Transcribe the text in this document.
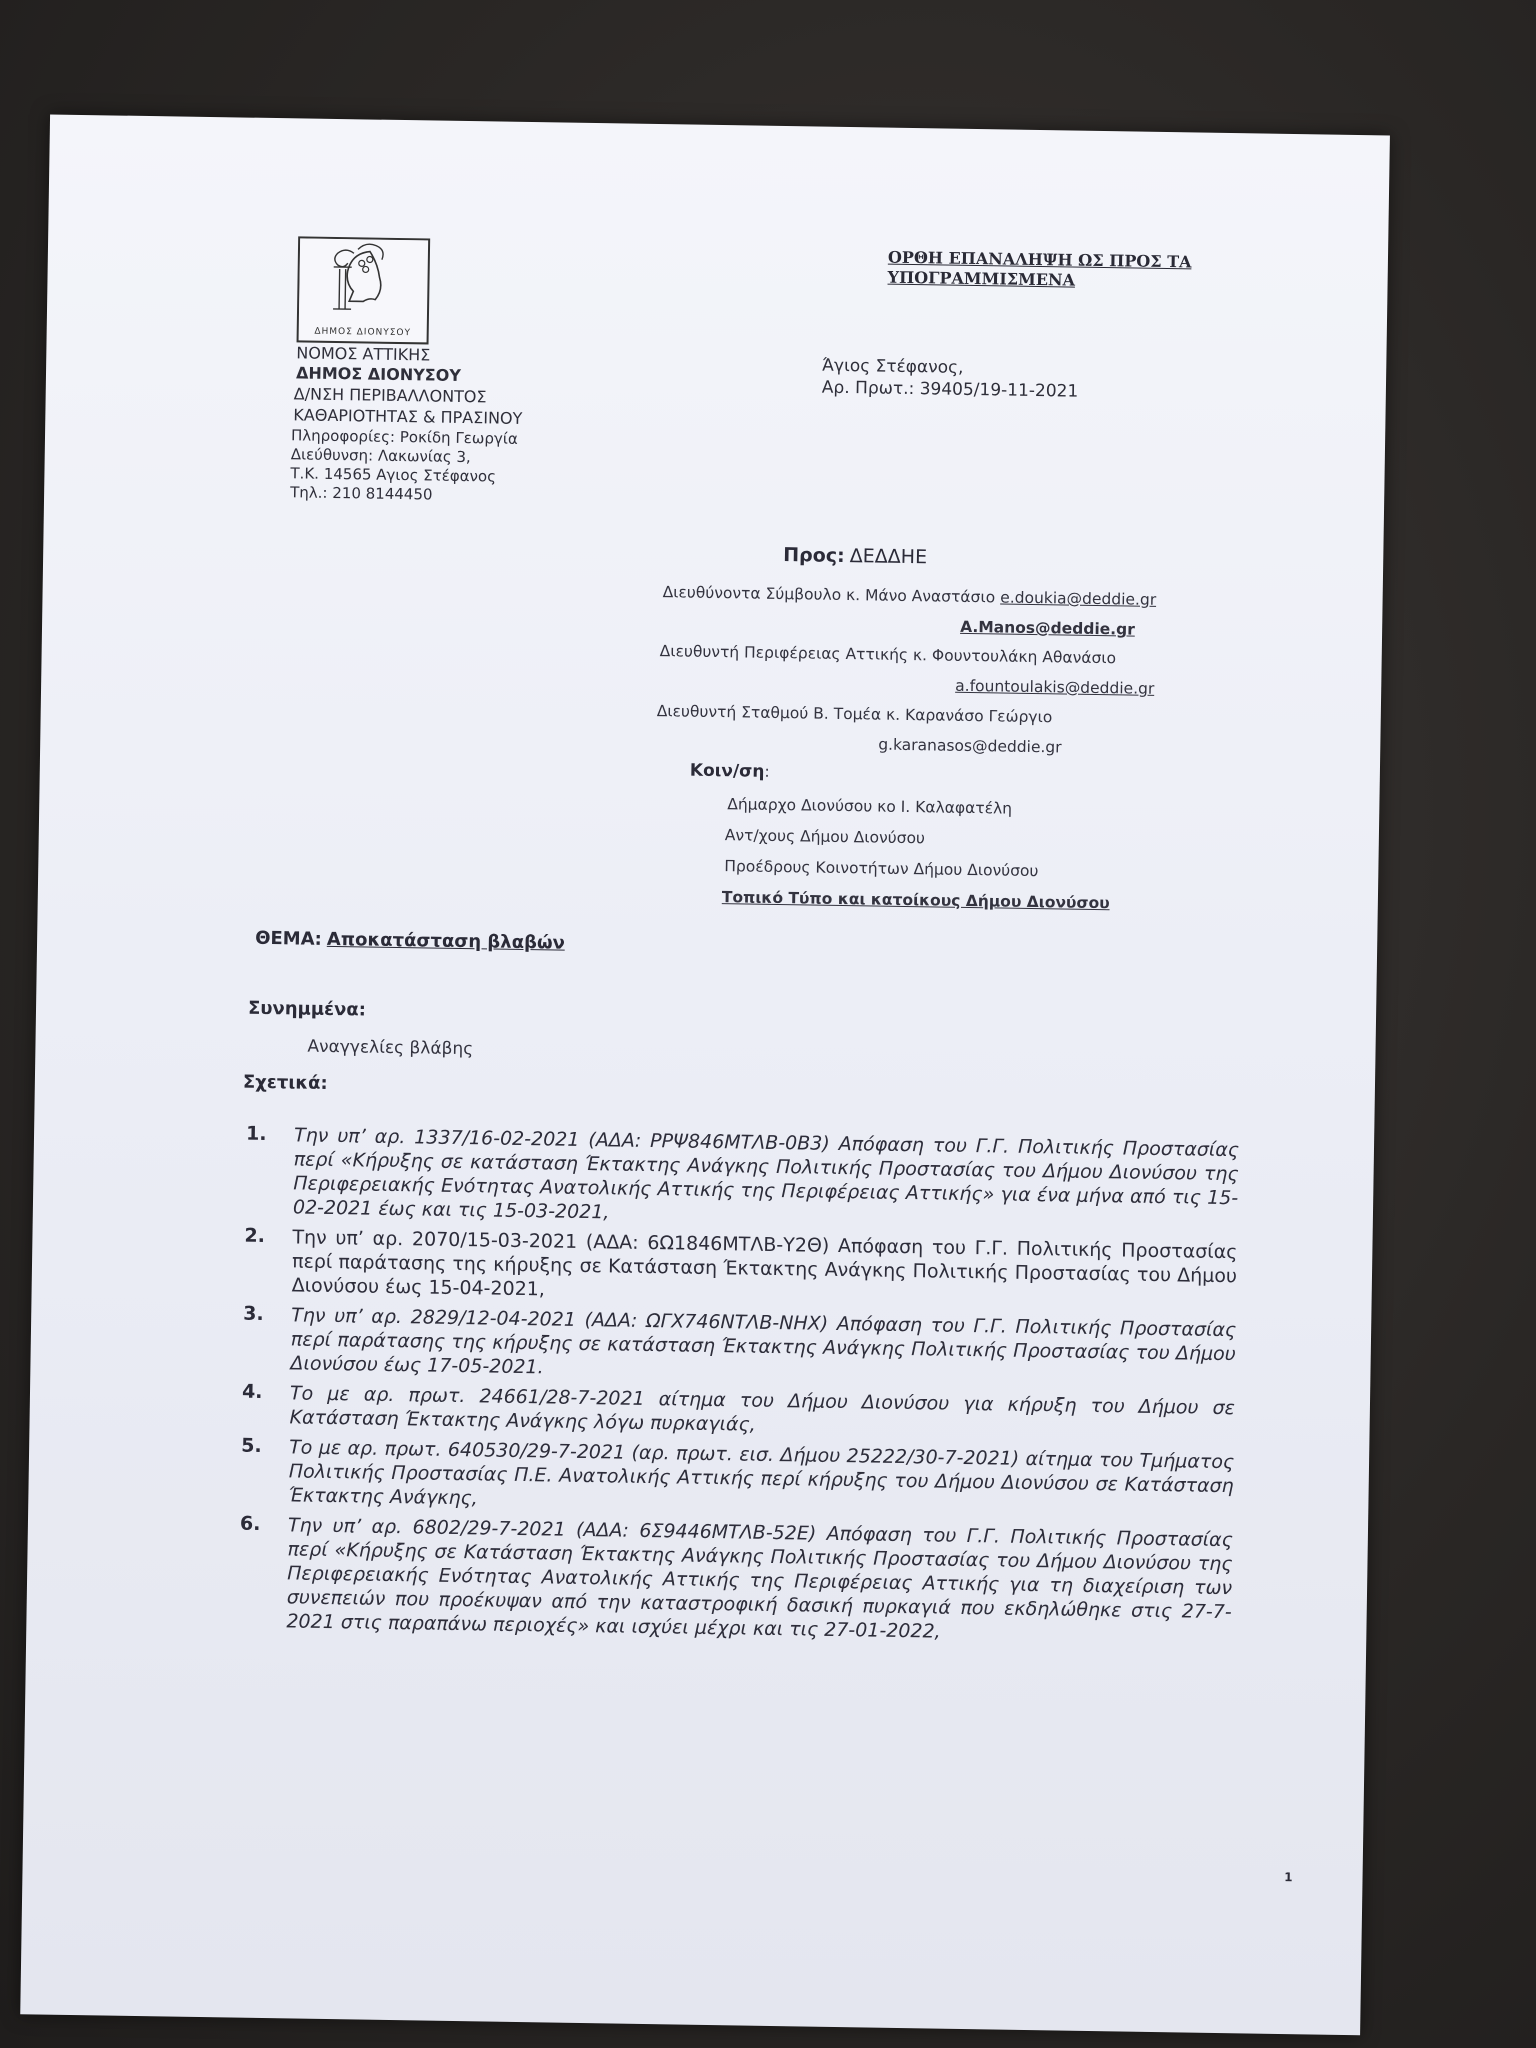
ΔΗΜΟΣ ΔΙΟΝΥΣΟΥ
ΝΟΜΟΣ ΑΤΤΙΚΗΣ
ΔΗΜΟΣ ΔΙΟΝΥΣΟΥ
Δ/ΝΣΗ ΠΕΡΙΒΑΛΛΟΝΤΟΣ
ΚΑΘΑΡΙΟΤΗΤΑΣ & ΠΡΑΣΙΝΟΥ
Πληροφορίες: Ροκίδη Γεωργία
Διεύθυνση: Λακωνίας 3,
Τ.Κ. 14565 Αγιος Στέφανος
Τηλ.: 210 8144450
ΟΡΘΗ ΕΠΑΝΑΛΗΨΗ ΩΣ ΠΡΟΣ ΤΑ
ΥΠΟΓΡΑΜΜΙΣΜΕΝΑ
Άγιος Στέφανος,
Αρ. Πρωτ.: 39405/19-11-2021
Προς: ΔΕΔΔΗΕ
Διευθύνοντα Σύμβουλο κ. Μάνο Αναστάσιο e.doukia@deddie.gr
A.Manos@deddie.gr
Διευθυντή Περιφέρειας Αττικής κ. Φουντουλάκη Αθανάσιο
a.fountoulakis@deddie.gr
Διευθυντή Σταθμού Β. Τομέα κ. Καρανάσο Γεώργιο
g.karanasos@deddie.gr
Κοιν/ση:
Δήμαρχο Διονύσου κο Ι. Καλαφατέλη
Αντ/χους Δήμου Διονύσου
Προέδρους Κοινοτήτων Δήμου Διονύσου
Τοπικό Τύπο και κατοίκους Δήμου Διονύσου
ΘΕΜΑ: Αποκατάσταση βλαβών
Συνημμένα:
Αναγγελίες βλάβης
Σχετικά:
1. Την υπ’ αρ. 1337/16-02-2021 (ΑΔΑ: ΡΡΨ846ΜΤΛΒ-0Β3) Απόφαση του Γ.Γ. Πολιτικής Προστασίας περί «Κήρυξης σε κατάσταση Έκτακτης Ανάγκης Πολιτικής Προστασίας του Δήμου Διονύσου της Περιφερειακής Ενότητας Ανατολικής Αττικής της Περιφέρειας Αττικής» για ένα μήνα από τις 15-02-2021 έως και τις 15-03-2021,
2. Την υπ’ αρ. 2070/15-03-2021 (ΑΔΑ: 6Ω1846ΜΤΛΒ-Υ2Θ) Απόφαση του Γ.Γ. Πολιτικής Προστασίας περί παράτασης της κήρυξης σε Κατάσταση Έκτακτης Ανάγκης Πολιτικής Προστασίας του Δήμου Διονύσου έως 15-04-2021,
3. Την υπ’ αρ. 2829/12-04-2021 (ΑΔΑ: ΩΓΧ746ΝΤΛΒ-ΝΗΧ) Απόφαση του Γ.Γ. Πολιτικής Προστασίας περί παράτασης της κήρυξης σε κατάσταση Έκτακτης Ανάγκης Πολιτικής Προστασίας του Δήμου Διονύσου έως 17-05-2021.
4. Το με αρ. πρωτ. 24661/28-7-2021 αίτημα του Δήμου Διονύσου για κήρυξη του Δήμου σε Κατάσταση Έκτακτης Ανάγκης λόγω πυρκαγιάς,
5. Το με αρ. πρωτ. 640530/29-7-2021 (αρ. πρωτ. εισ. Δήμου 25222/30-7-2021) αίτημα του Τμήματος Πολιτικής Προστασίας Π.Ε. Ανατολικής Αττικής περί κήρυξης του Δήμου Διονύσου σε Κατάσταση Έκτακτης Ανάγκης,
6. Την υπ’ αρ. 6802/29-7-2021 (ΑΔΑ: 6Σ9446ΜΤΛΒ-52Ε) Απόφαση του Γ.Γ. Πολιτικής Προστασίας περί «Κήρυξης σε Κατάσταση Έκτακτης Ανάγκης Πολιτικής Προστασίας του Δήμου Διονύσου της Περιφερειακής Ενότητας Ανατολικής Αττικής της Περιφέρειας Αττικής για τη διαχείριση των συνεπειών που προέκυψαν από την καταστροφική δασική πυρκαγιά που εκδηλώθηκε στις 27-7-2021 στις παραπάνω περιοχές» και ισχύει μέχρι και τις 27-01-2022,
1
